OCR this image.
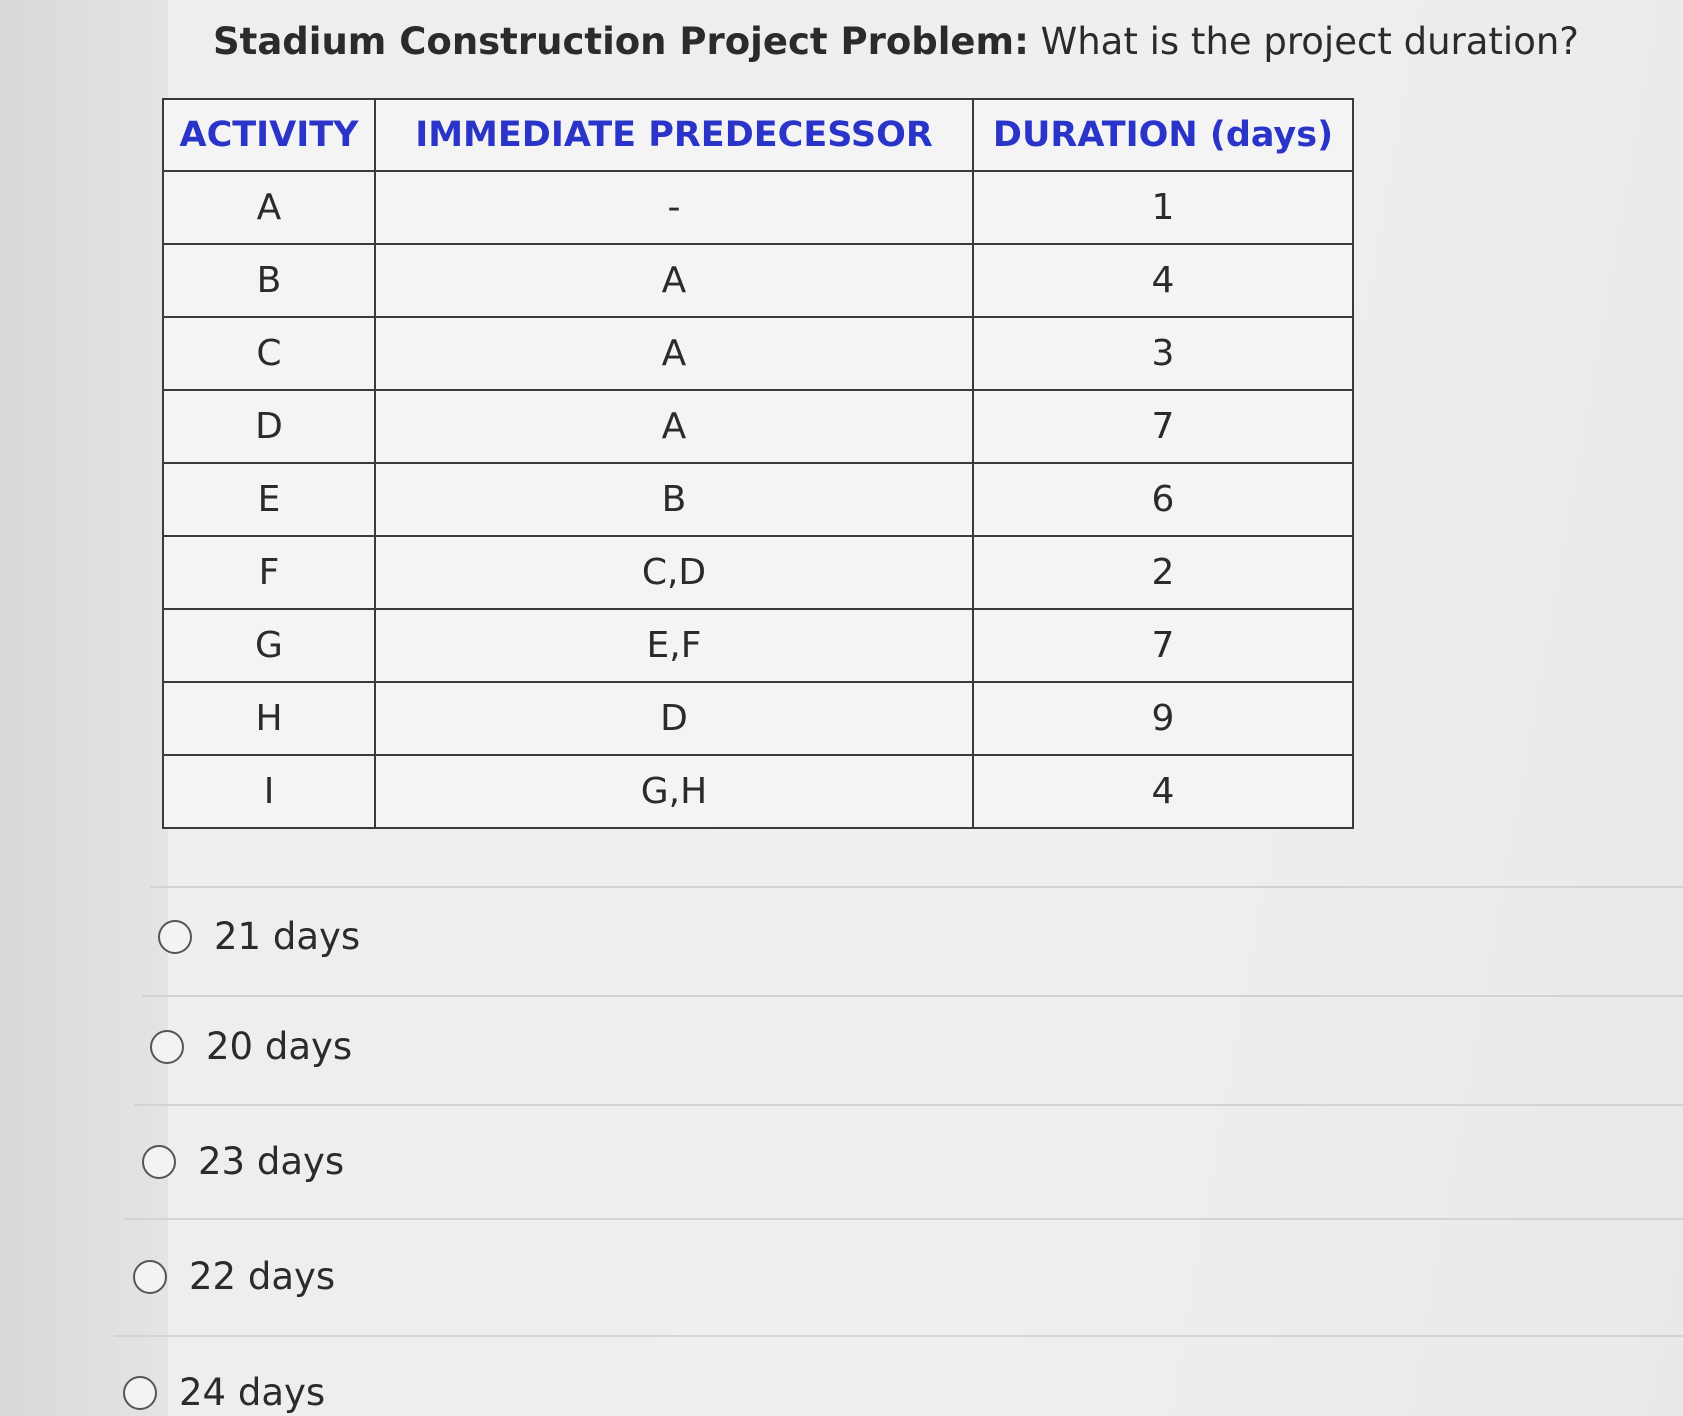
Stadium Construction Project Problem: What is the project duration?
ACTIVITY	IMMEDIATE PREDECESSOR	DURATION (days)
A	-	1
B	A	4
C	A	3
D	A	7
E	B	6
F	C,D	2
G	E,F	7
H	D	9
I	G,H	4
21 days
20 days
23 days
22 days
24 days
